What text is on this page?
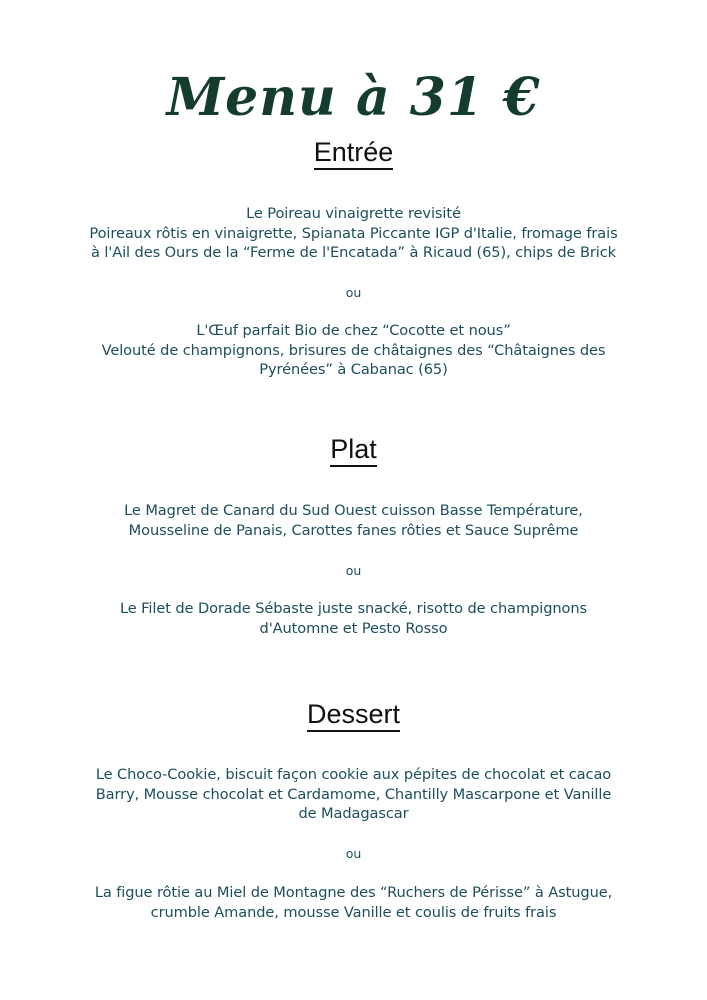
Menu à 31 €
Entrée
Le Poireau vinaigrette revisité
Poireaux rôtis en vinaigrette, Spianata Piccante IGP d'Italie, fromage frais
à l'Ail des Ours de la “Ferme de l'Encatada” à Ricaud (65), chips de Brick
ou
L'Œuf parfait Bio de chez “Cocotte et nous”
Velouté de champignons, brisures de châtaignes des “Châtaignes des
Pyrénées” à Cabanac (65)
Plat
Le Magret de Canard du Sud Ouest cuisson Basse Température,
Mousseline de Panais, Carottes fanes rôties et Sauce Suprême
ou
Le Filet de Dorade Sébaste juste snacké, risotto de champignons
d'Automne et Pesto Rosso
Dessert
Le Choco-Cookie, biscuit façon cookie aux pépites de chocolat et cacao
Barry, Mousse chocolat et Cardamome, Chantilly Mascarpone et Vanille
de Madagascar
ou
La figue rôtie au Miel de Montagne des “Ruchers de Périsse” à Astugue,
crumble Amande, mousse Vanille et coulis de fruits frais
